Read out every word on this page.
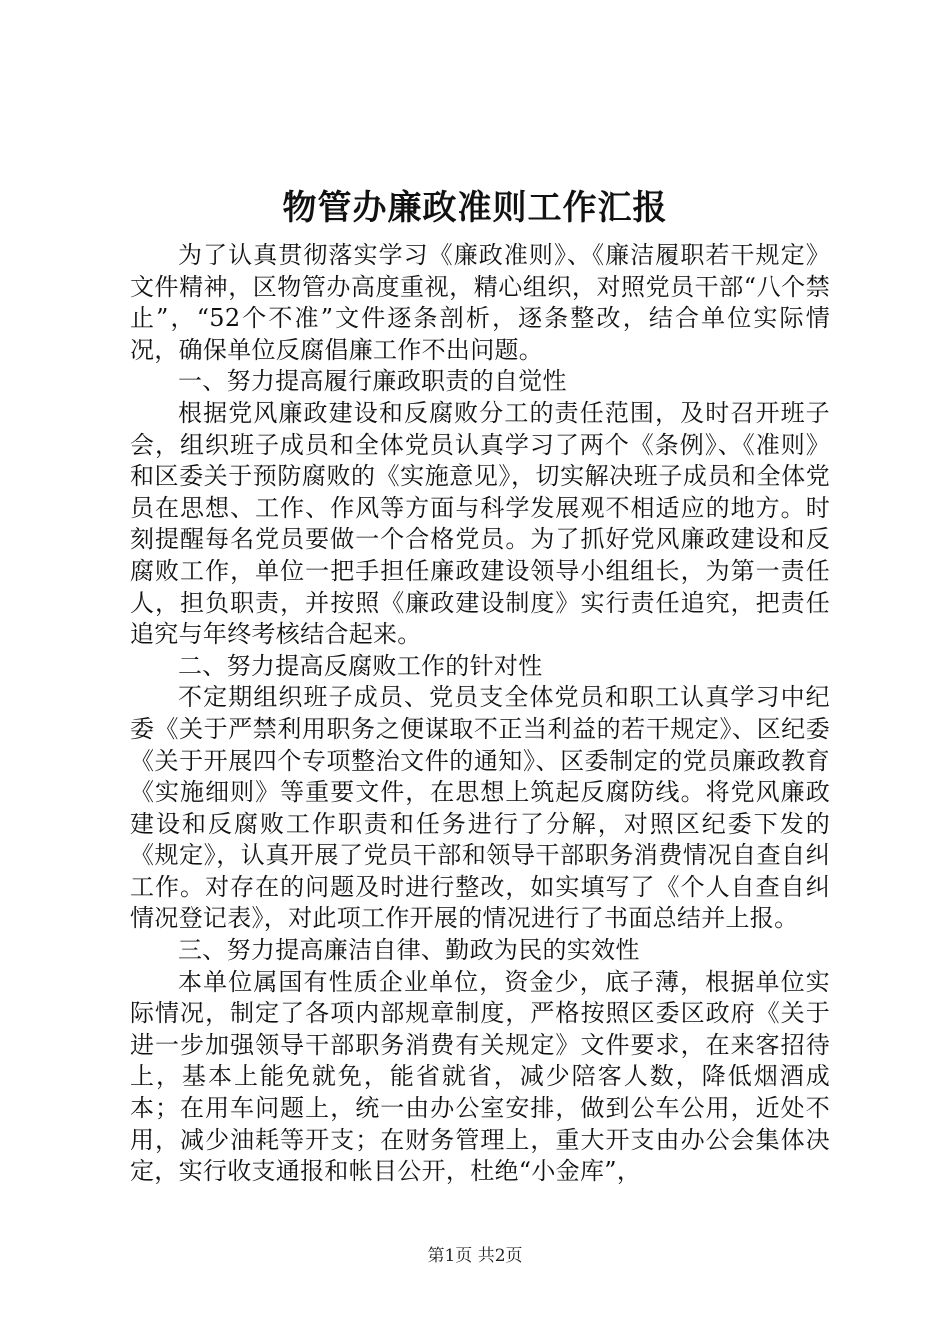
物管办廉政准则工作汇报

为了认真贯彻落实学习《廉政准则》、《廉洁履职若干规定》文件精神，区物管办高度重视，精心组织，对照党员干部“八个禁止”，“52个不准”文件逐条剖析，逐条整改，结合单位实际情况，确保单位反腐倡廉工作不出问题。

一、努力提高履行廉政职责的自觉性

根据党风廉政建设和反腐败分工的责任范围，及时召开班子会，组织班子成员和全体党员认真学习了两个《条例》、《准则》和区委关于预防腐败的《实施意见》，切实解决班子成员和全体党员在思想、工作、作风等方面与科学发展观不相适应的地方。时刻提醒每名党员要做一个合格党员。为了抓好党风廉政建设和反腐败工作，单位一把手担任廉政建设领导小组组长，为第一责任人，担负职责，并按照《廉政建设制度》实行责任追究，把责任追究与年终考核结合起来。

二、努力提高反腐败工作的针对性

不定期组织班子成员、党员支全体党员和职工认真学习中纪委《关于严禁利用职务之便谋取不正当利益的若干规定》、区纪委《关于开展四个专项整治文件的通知》、区委制定的党员廉政教育《实施细则》等重要文件，在思想上筑起反腐防线。将党风廉政建设和反腐败工作职责和任务进行了分解，对照区纪委下发的《规定》，认真开展了党员干部和领导干部职务消费情况自查自纠工作。对存在的问题及时进行整改，如实填写了《个人自查自纠情况登记表》，对此项工作开展的情况进行了书面总结并上报。

三、努力提高廉洁自律、勤政为民的实效性

本单位属国有性质企业单位，资金少，底子薄，根据单位实际情况，制定了各项内部规章制度，严格按照区委区政府《关于进一步加强领导干部职务消费有关规定》文件要求，在来客招待上，基本上能免就免，能省就省，减少陪客人数，降低烟酒成本；在用车问题上，统一由办公室安排，做到公车公用，近处不用，减少油耗等开支；在财务管理上，重大开支由办公会集体决定，实行收支通报和帐目公开，杜绝“小金库”，

第1页 共2页
